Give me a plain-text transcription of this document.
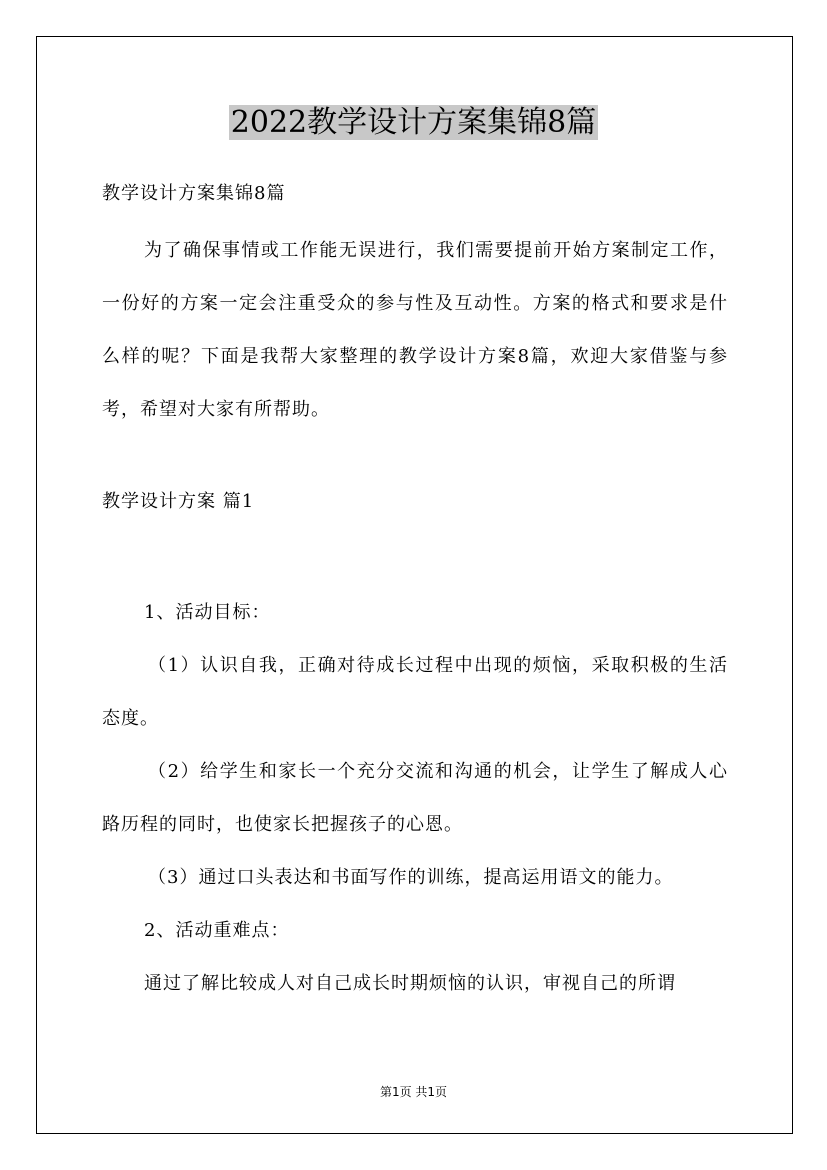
2022教学设计方案集锦8篇

教学设计方案集锦8篇

为了确保事情或工作能无误进行，我们需要提前开始方案制定工作，一份好的方案一定会注重受众的参与性及互动性。方案的格式和要求是什么样的呢？下面是我帮大家整理的教学设计方案8篇，欢迎大家借鉴与参考，希望对大家有所帮助。

教学设计方案 篇1

1、活动目标：

（1）认识自我，正确对待成长过程中出现的烦恼，采取积极的生活态度。

（2）给学生和家长一个充分交流和沟通的机会，让学生了解成人心路历程的同时，也使家长把握孩子的心恩。

（3）通过口头表达和书面写作的训练，提高运用语文的能力。

2、活动重难点：

通过了解比较成人对自己成长时期烦恼的认识，审视自己的所谓

第1页 共1页
